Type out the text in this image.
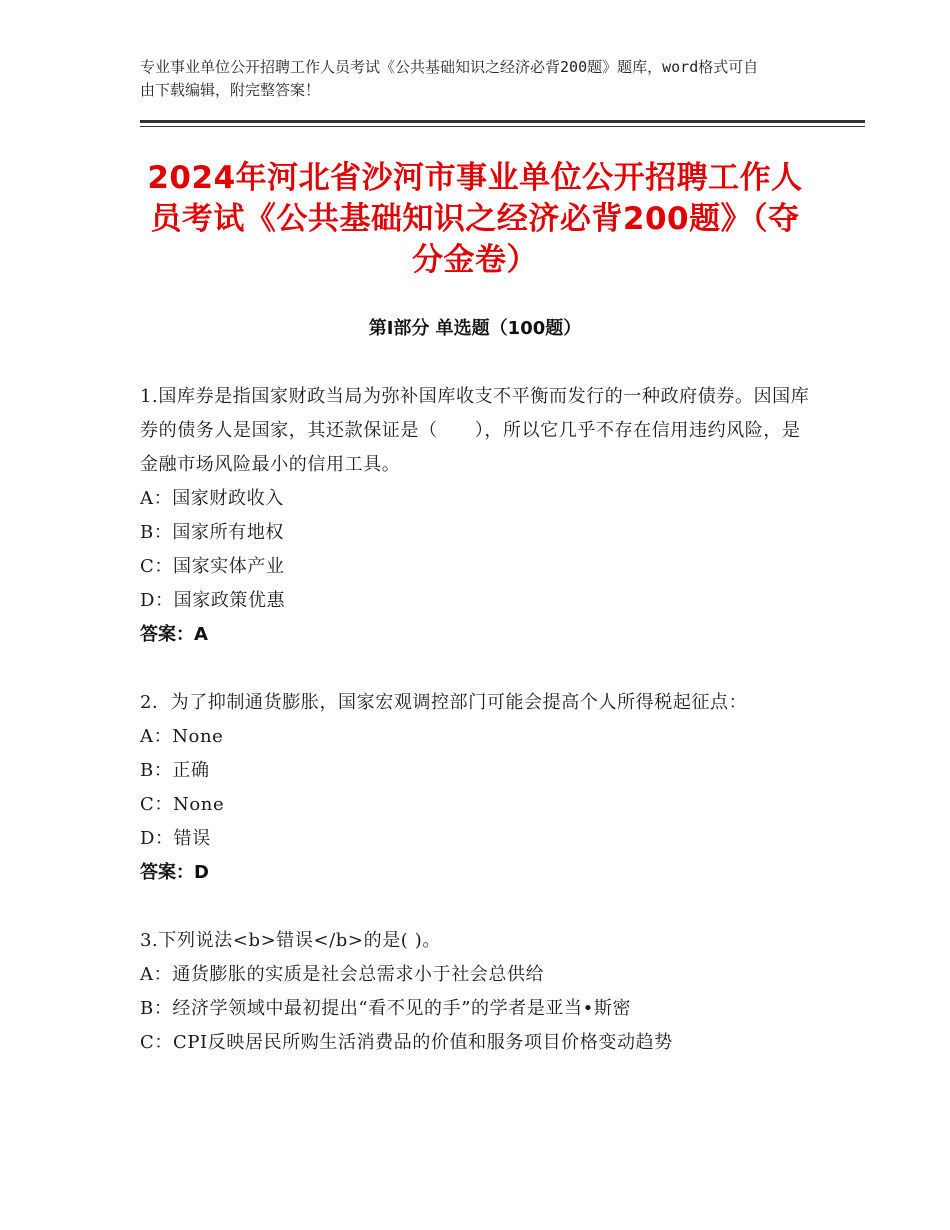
专业事业单位公开招聘工作人员考试《公共基础知识之经济必背200题》题库，word格式可自由下载编辑，附完整答案！
2024年河北省沙河市事业单位公开招聘工作人员考试《公共基础知识之经济必背200题》（夺分金卷）
第Ⅰ部分 单选题（100题）
1.国库券是指国家财政当局为弥补国库收支不平衡而发行的一种政府债券。因国库券的债务人是国家，其还款保证是（　　），所以它几乎不存在信用违约风险，是金融市场风险最小的信用工具。
A：国家财政收入
B：国家所有地权
C：国家实体产业
D：国家政策优惠
答案：A
2．为了抑制通货膨胀，国家宏观调控部门可能会提高个人所得税起征点：
A：None
B：正确
C：None
D：错误
答案：D
3.下列说法<b>错误</b>的是( )。
A：通货膨胀的实质是社会总需求小于社会总供给
B：经济学领域中最初提出“看不见的手”的学者是亚当•斯密
C：CPI反映居民所购生活消费品的价值和服务项目价格变动趋势
